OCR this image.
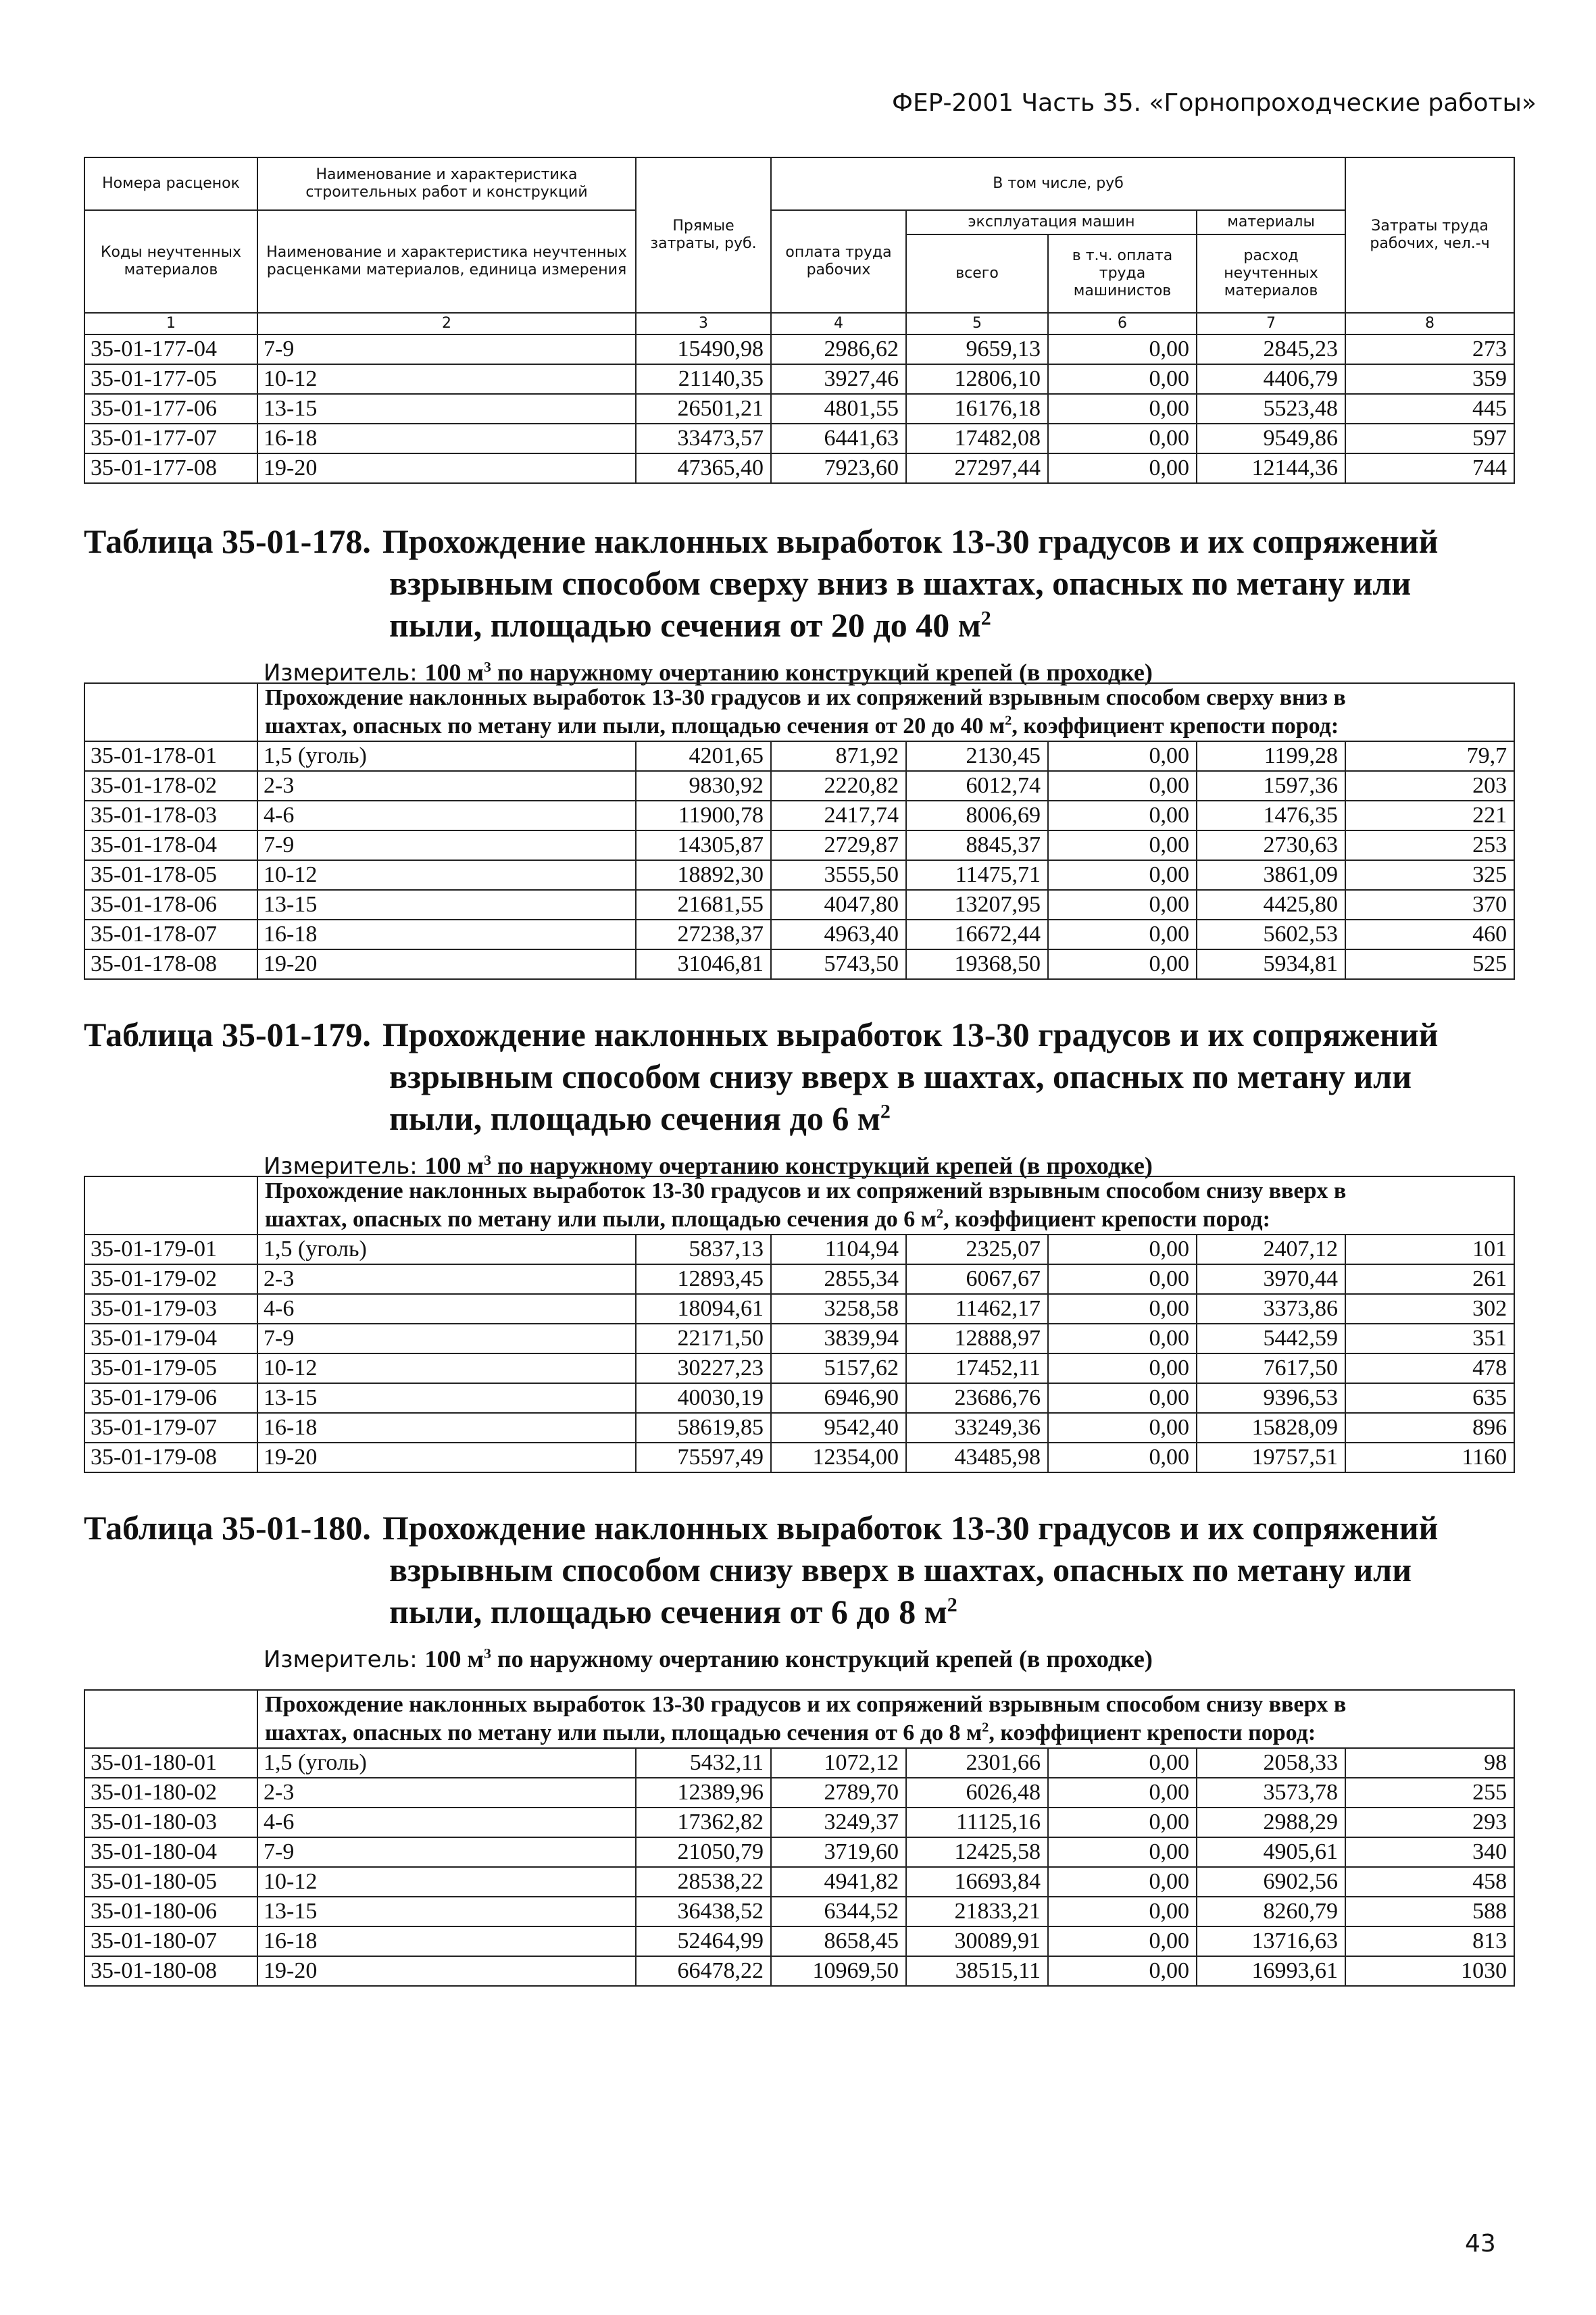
ФЕР-2001 Часть 35. «Горнопроходческие работы»
Номера расценок	Наименование и характеристика строительных работ и конструкций	Прямые затраты, руб.	В том числе, руб				Затраты труда рабочих, чел.-ч
Коды неучтенных материалов	Наименование и характеристика неучтенных расценками материалов, единица измерения		оплата труда рабочих	эксплуатация машин		материалы	
				всего	в т.ч. оплата труда машинистов	расход неучтенных материалов	
1	2	3	4	5	6	7	8
35-01-177-04	7-9	15490,98	2986,62	9659,13	0,00	2845,23	273
35-01-177-05	10-12	21140,35	3927,46	12806,10	0,00	4406,79	359
35-01-177-06	13-15	26501,21	4801,55	16176,18	0,00	5523,48	445
35-01-177-07	16-18	33473,57	6441,63	17482,08	0,00	9549,86	597
35-01-177-08	19-20	47365,40	7923,60	27297,44	0,00	12144,36	744
Таблица 35-01-178. Прохождение наклонных выработок 13-30 градусов и их сопряжений
взрывным способом сверху вниз в шахтах, опасных по метану или
пыли, площадью сечения от 20 до 40 $м^2$
Измеритель: 100 $м^3$ по наружному очертанию конструкций крепей (в проходке)

	Прохождение наклонных выработок 13-30 градусов и их сопряжений взрывным способом сверху вниз в
шахтах, опасных по метану или пыли, площадью сечения от 20 до 40 $м^2$, коэффициент крепости пород:						

35-01-178-01	1,5 (уголь)	4201,65	871,92	2130,45	0,00	1199,28	79,7
35-01-178-02	2-3	9830,92	2220,82	6012,74	0,00	1597,36	203
35-01-178-03	4-6	11900,78	2417,74	8006,69	0,00	1476,35	221
35-01-178-04	7-9	14305,87	2729,87	8845,37	0,00	2730,63	253
35-01-178-05	10-12	18892,30	3555,50	11475,71	0,00	3861,09	325
35-01-178-06	13-15	21681,55	4047,80	13207,95	0,00	4425,80	370
35-01-178-07	16-18	27238,37	4963,40	16672,44	0,00	5602,53	460
35-01-178-08	19-20	31046,81	5743,50	19368,50	0,00	5934,81	525
Таблица 35-01-179. Прохождение наклонных выработок 13-30 градусов и их сопряжений
взрывным способом снизу вверх в шахтах, опасных по метану или
пыли, площадью сечения до 6 $м^2$
Измеритель: 100 $м^3$ по наружному очертанию конструкций крепей (в проходке)

	Прохождение наклонных выработок 13-30 градусов и их сопряжений взрывным способом снизу вверх в
шахтах, опасных по метану или пыли, площадью сечения до 6 $м^2$, коэффициент крепости пород:						

35-01-179-01	1,5 (уголь)	5837,13	1104,94	2325,07	0,00	2407,12	101
35-01-179-02	2-3	12893,45	2855,34	6067,67	0,00	3970,44	261
35-01-179-03	4-6	18094,61	3258,58	11462,17	0,00	3373,86	302
35-01-179-04	7-9	22171,50	3839,94	12888,97	0,00	5442,59	351
35-01-179-05	10-12	30227,23	5157,62	17452,11	0,00	7617,50	478
35-01-179-06	13-15	40030,19	6946,90	23686,76	0,00	9396,53	635
35-01-179-07	16-18	58619,85	9542,40	33249,36	0,00	15828,09	896
35-01-179-08	19-20	75597,49	12354,00	43485,98	0,00	19757,51	1160
Таблица 35-01-180. Прохождение наклонных выработок 13-30 градусов и их сопряжений
взрывным способом снизу вверх в шахтах, опасных по метану или
пыли, площадью сечения от 6 до 8 $м^2$
Измеритель: 100 $м^3$ по наружному очертанию конструкций крепей (в проходке)

	Прохождение наклонных выработок 13-30 градусов и их сопряжений взрывным способом снизу вверх в
шахтах, опасных по метану или пыли, площадью сечения от 6 до 8 $м^2$, коэффициент крепости пород:						

35-01-180-01	1,5 (уголь)	5432,11	1072,12	2301,66	0,00	2058,33	98
35-01-180-02	2-3	12389,96	2789,70	6026,48	0,00	3573,78	255
35-01-180-03	4-6	17362,82	3249,37	11125,16	0,00	2988,29	293
35-01-180-04	7-9	21050,79	3719,60	12425,58	0,00	4905,61	340
35-01-180-05	10-12	28538,22	4941,82	16693,84	0,00	6902,56	458
35-01-180-06	13-15	36438,52	6344,52	21833,21	0,00	8260,79	588
35-01-180-07	16-18	52464,99	8658,45	30089,91	0,00	13716,63	813
35-01-180-08	19-20	66478,22	10969,50	38515,11	0,00	16993,61	1030
43
